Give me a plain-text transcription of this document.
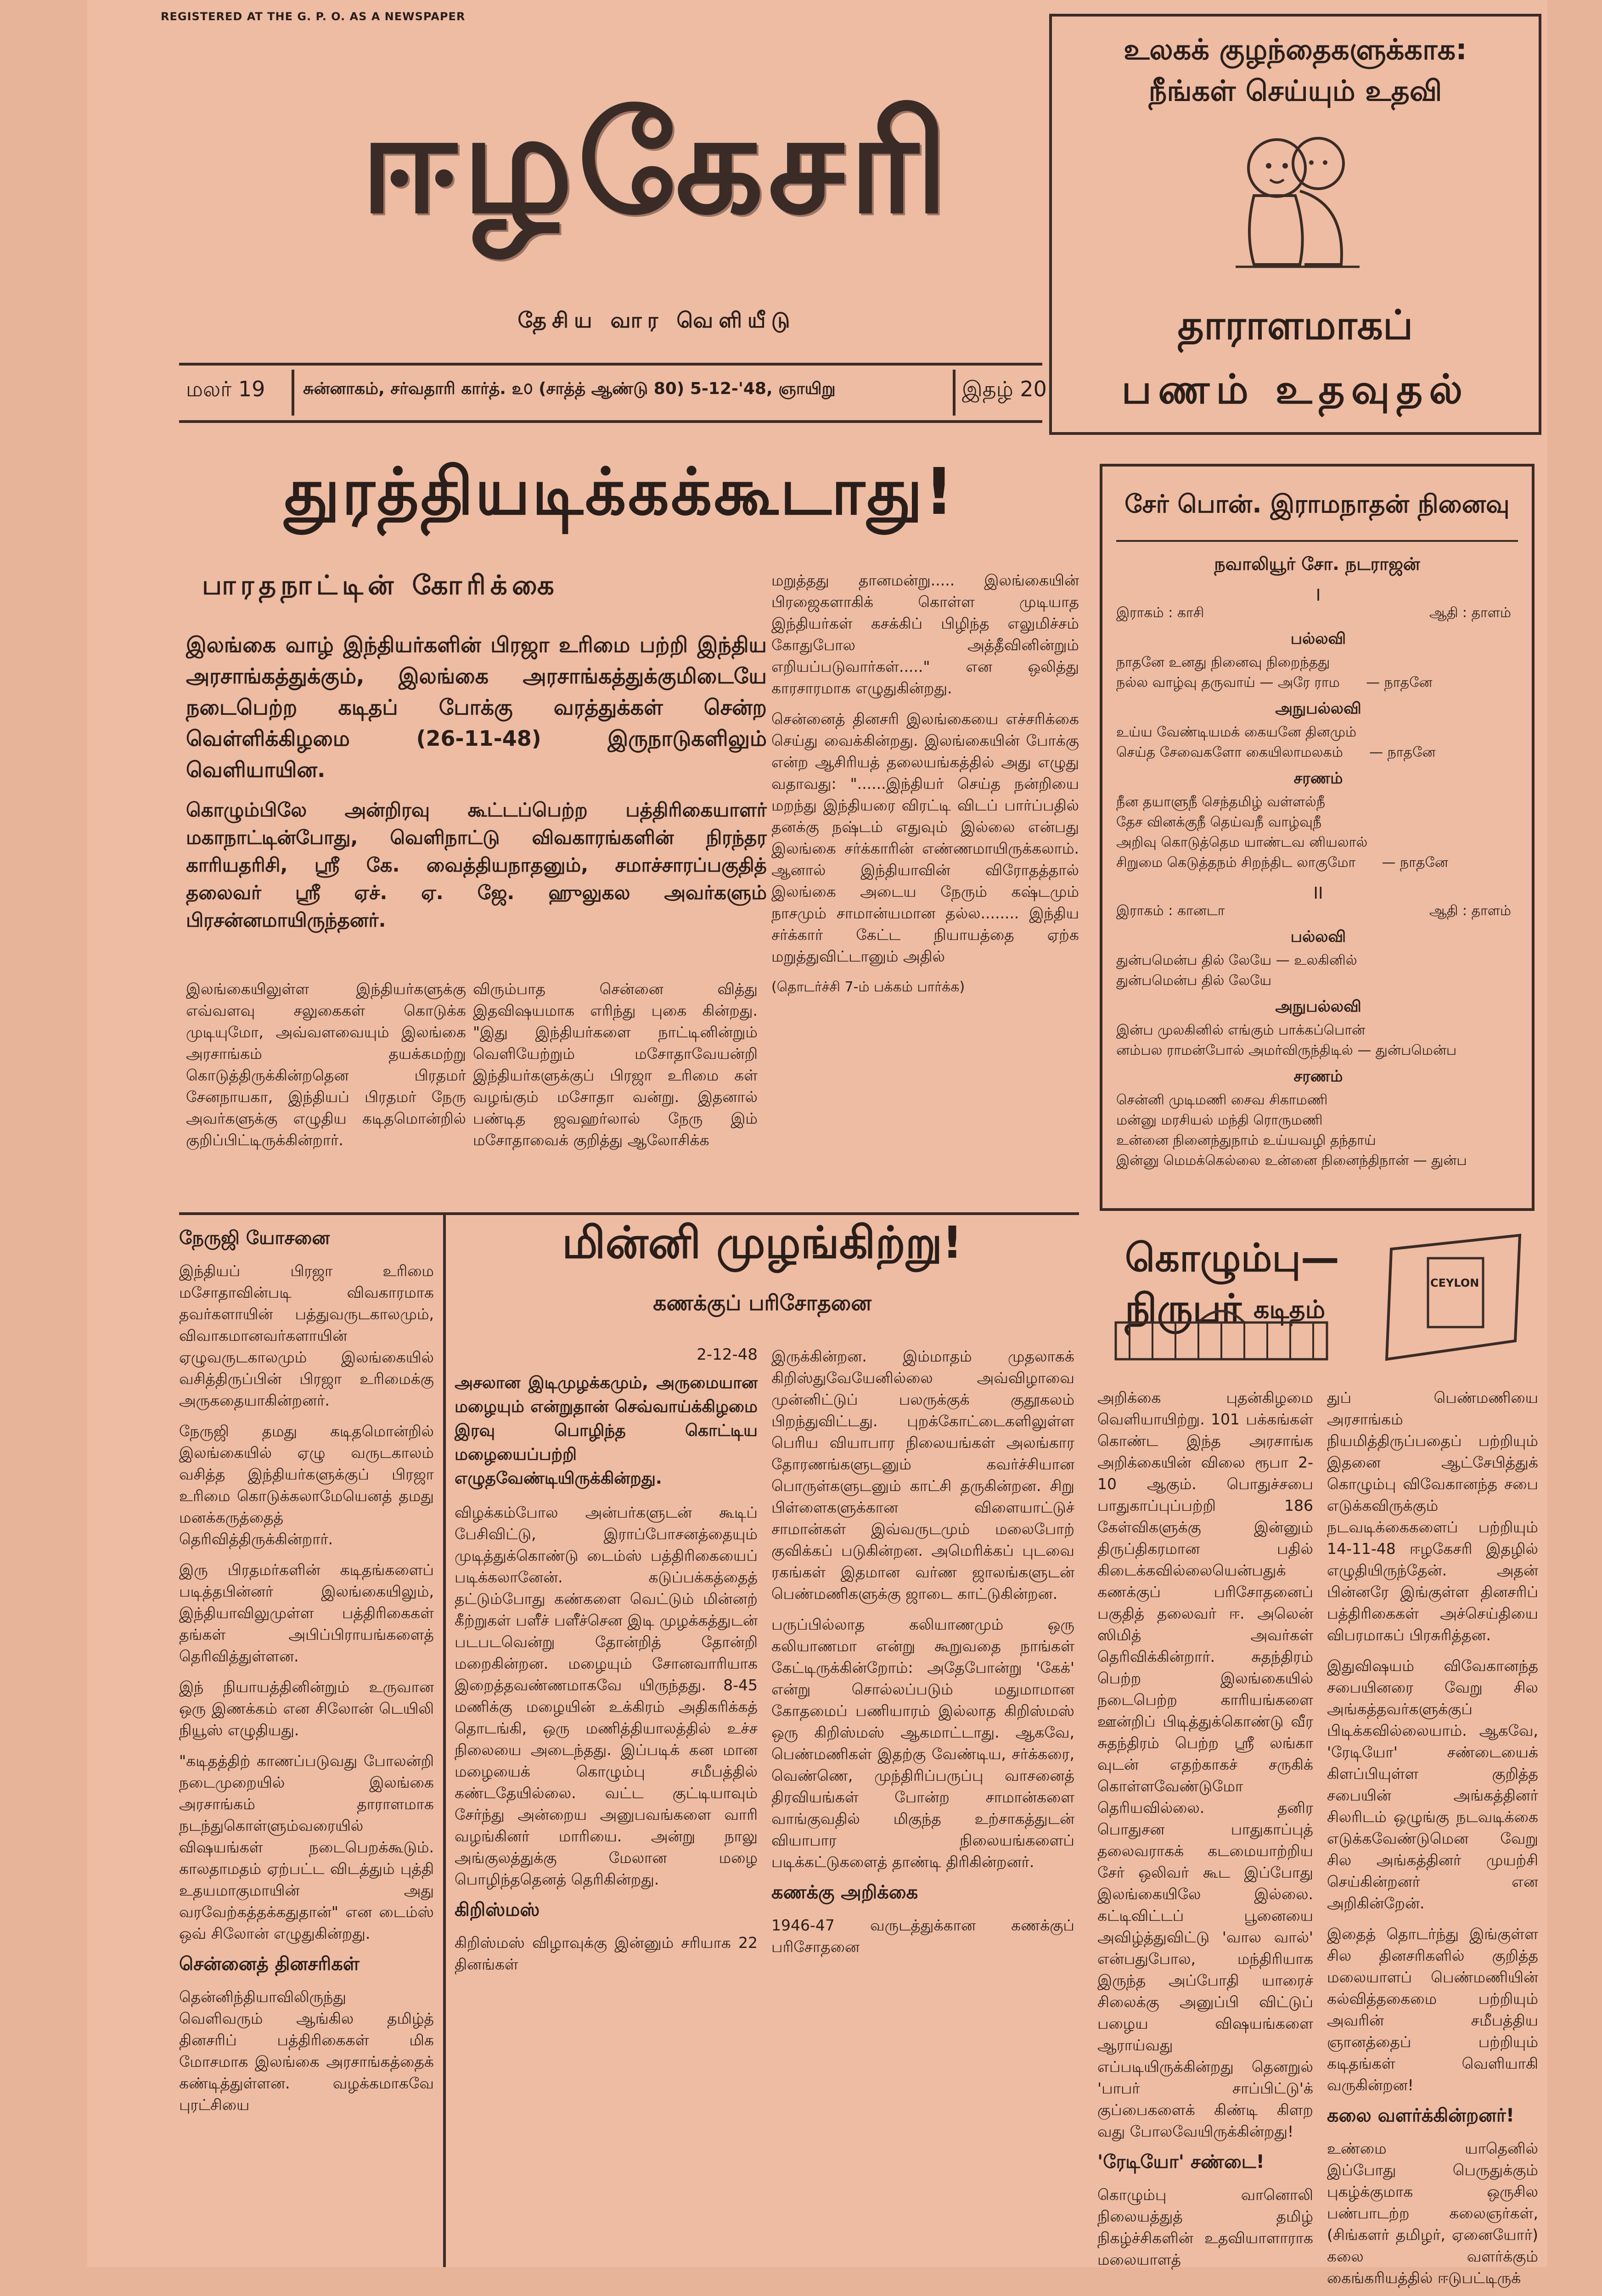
REGISTERED AT THE G. P. O. AS A NEWSPAPER
ஈழகேசரி
தேசிய வார வெளியீடு
உலகக் குழந்தைகளுக்காக:
நீங்கள் செய்யும் உதவி
தாராளமாகப்
பணம் உதவுதல்
மலர் 19	சுன்னாகம், சர்வதாரி கார்த். ௨௦ (சாத்த் ஆண்டு 80) 5-12-'48, ஞாயிறு	இதழ் 20
துரத்தியடிக்கக்கூடாது!
பாரதநாட்டின் கோரிக்கை

இலங்கை வாழ் இந்தியர்களின் பிரஜா உரிமை பற்றி இந்திய அரசாங்கத்துக்கும், இலங்கை அரசாங்கத்துக்குமிடையே நடைபெற்ற கடிதப் போக்கு வரத்துக்கள் சென்ற வெள்ளிக்கிழமை (26-11-48) இருநாடுகளிலும் வெளியாயின.

கொழும்பிலே அன்றிரவு கூட்டப்பெற்ற பத்திரிகையாளர் மகாநாட்டின்போது, வெளிநாட்டு விவகாரங்களின் நிரந்தர காரியதரிசி, ஸ்ரீ கே. வைத்தியநாதனும், சமாச்சாரப்பகுதித் தலைவர் ஸ்ரீ ஏச். ஏ. ஜே. ஹுலுகல அவர்களும் பிரசன்னமாயிருந்தனர்.

இலங்கையிலுள்ள இந்தியர்களுக்கு எவ்வளவு சலுகைகள் கொடுக்க முடியுமோ, அவ்வளவையும் இலங்கை அரசாங்கம் தயக்கமற்று கொடுத்திருக்கின்றதென பிரதமர் சேனநாயகா, இந்தியப் பிரதமர் நேரு அவர்களுக்கு எழுதிய கடிதமொன்றில் குறிப்பிட்டிருக்கின்றார்.

விரும்பாத சென்னை வித்து இதவிஷயமாக எரிந்து புகை கின்றது. "இது இந்தியர்களை நாட்டினின்றும் வெளியேற்றும் மசோதாவேயன்றி இந்தியர்களுக்குப் பிரஜா உரிமை கள் வழங்கும் மசோதா வன்று. இதனால் பண்டித ஜவஹர்லால் நேரு இம் மசோதாவைக் குறித்து ஆலோசிக்க

மறுத்தது தானமன்று..... இலங்கையின் பிரஜைகளாகிக் கொள்ள முடியாத இந்தியர்கள் கசக்கிப் பிழிந்த எலுமிச்சம் கோதுபோல அத்தீவினின்றும் எறியப்படுவார்கள்....." என ஒலித்து காரசாரமாக எழுதுகின்றது.

சென்னைத் தினசரி இலங்கையை எச்சரிக்கை செய்து வைக்கின்றது. இலங்கையின் போக்கு என்ற ஆசிரியத் தலையங்கத்தில் அது எழுது வதாவது: "......இந்தியர் செய்த நன்றியை மறந்து இந்தியரை விரட்டி விடப் பார்ப்பதில் தனக்கு நஷ்டம் எதுவும் இல்லை என்பது இலங்கை சர்க்காரின் எண்ணமாயிருக்கலாம். ஆனால் இந்தியாவின் விரோதத்தால் இலங்கை அடைய நேரும் கஷ்டமும் நாசமும் சாமான்யமான தல்ல........ இந்திய சர்க்கார் கேட்ட நியாயத்தை ஏற்க மறுத்துவிட்டானும் அதில்

(தொடர்ச்சி 7-ம் பக்கம் பார்க்க)

நேருஜி யோசனை

இந்தியப் பிரஜா உரிமை மசோதாவின்படி விவகாரமாக தவர்களாயின் பத்துவருடகாலமும், விவாகமானவர்களாயின் ஏழுவருடகாலமும் இலங்கையில் வசித்திருப்பின் பிரஜா உரிமைக்கு அருகதையாகின்றனர்.

நேருஜி தமது கடிதமொன்றில் இலங்கையில் ஏழு வருடகாலம் வசித்த இந்தியர்களுக்குப் பிரஜா உரிமை கொடுக்கலாமேயெனத் தமது மனக்கருத்தைத் தெரிவித்திருக்கின்றார்.

இரு பிரதமர்களின் கடிதங்களைப் படித்தபின்னர் இலங்கையிலும், இந்தியாவிலுமுள்ள பத்திரிகைகள் தங்கள் அபிப்பிராயங்களைத் தெரிவித்துள்ளன.

இந் நியாயத்தினின்றும் உருவான ஒரு இணக்கம் என சிலோன் டெயிலி நியூஸ் எழுதியது.

"கடிதத்திற் காணப்படுவது போலன்றி நடைமுறையில் இலங்கை அரசாங்கம் தாராளமாக நடந்துகொள்ளும்வரையில் விஷயங்கள் நடைபெறக்கூடும். காலதாமதம் ஏற்பட்ட விடத்தும் புத்தி உதயமாகுமாயின் அது வரவேற்கத்தக்கதுதான்" என டைம்ஸ் ஒவ் சிலோன் எழுதுகின்றது.

சென்னைத் தினசரிகள்

தென்னிந்தியாவிலிருந்து வெளிவரும் ஆங்கில தமிழ்த் தினசரிப் பத்திரிகைகள் மிக மோசமாக இலங்கை அரசாங்கத்தைக் கண்டித்துள்ளன. வழக்கமாகவே புரட்சியை

சேர் பொன். இராமநாதன் நினைவு
நவாலியூர் சோ. நடராஜன்
I
இராகம் : காசி	ஆதி : தாளம்
பல்லவி

நாதனே உனது நினைவு நிறைந்தது
நல்ல வாழ்வு தருவாய் — அரே ராம      — நாதனே

அநுபல்லவி

உய்ய வேண்டியமக் கையனே தினமும்
செய்த சேவைகளோ கையிலாமலகம்      — நாதனே

சரணம்

நீன தயாளுநீ செந்தமிழ் வள்ளல்நீ
தேச வினக்குநீ தெய்வநீ வாழ்வுநீ
அறிவு கொடுத்தெம யாண்டவ னியலால்
சிறுமை கெடுத்தநம் சிறந்திட லாகுமோ      — நாதனே

II
இராகம் : கானடா	ஆதி : தாளம்
பல்லவி

துன்பமென்ப தில் லேயே — உலகினில்
துன்பமென்ப தில் லேயே

அநுபல்லவி

இன்ப முலகினில் எங்கும் பாக்கப்பொன்
னம்பல ராமன்போல் அமர்விருந்திடில் — துன்பமென்ப

சரணம்

சென்னி முடிமணி சைவ சிகாமணி
மன்னு மரசியல் மந்தி ரொருமணி
உன்னை நினைந்துநாம் உய்யவழி தந்தாய்
இன்னு மெமக்கெல்லை உன்னை நினைந்திநான் — துன்ப

மின்னி முழங்கிற்று!
கணக்குப் பரிசோதனை
2-12-48

அசலான இடிமுழக்கமும், அருமையான மழையும் என்றுதான் செவ்வாய்க்கிழமை இரவு பொழிந்த கொட்டிய மழையைப்பற்றி எழுதவேண்டியிருக்கின்றது.

விழக்கம்போல அன்பர்களுடன் கூடிப் பேசிவிட்டு, இராப்போசனத்தையும் முடித்துக்கொண்டு டைம்ஸ் பத்திரிகையைப் படிக்கலானேன். கடுப்பக்கத்தைத் தட்டும்போது கண்களை வெட்டும் மின்னற் கீற்றுகள் பளீச் பளீச்சென இடி முழக்கத்துடன் படபடவென்று தோன்றித் தோன்றி மறைகின்றன. மழையும் சோனவாரியாக இறைத்தவண்ணமாகவே யிருந்தது. 8-45 மணிக்கு மழையின் உக்கிரம் அதிகரிக்கத் தொடங்கி, ஒரு மணித்தியாலத்தில் உச்ச நிலையை அடைந்தது. இப்படிக் கன மான மழையைக் கொழும்பு சமீபத்தில் கண்டதேயில்லை. வட்ட குட்டியாவும் சேர்ந்து அன்றைய அனுபவங்களை வாரி வழங்கினர் மாரியை. அன்று நாலு அங்குலத்துக்கு மேலான மழை பொழிந்ததெனத் தெரிகின்றது.

கிறிஸ்மஸ்

கிறிஸ்மஸ் விழாவுக்கு இன்னும் சரியாக 22 தினங்கள்

இருக்கின்றன. இம்மாதம் முதலாகக் கிறிஸ்துவேயேனில்லை அவ்விழாவை முன்னிட்டுப் பலருக்குக் குதூகலம் பிறந்துவிட்டது. புறக்கோட்டைகளிலுள்ள பெரிய வியாபார நிலையங்கள் அலங்கார தோரணங்களுடனும் கவர்ச்சியான பொருள்களுடனும் காட்சி தருகின்றன. சிறு பிள்ளைகளுக்கான விளையாட்டுச் சாமான்கள் இவ்வருடமும் மலைபோற் குவிக்கப் படுகின்றன. அமெரிக்கப் புடவை ரகங்கள் இதமான வர்ண ஜாலங்களுடன் பெண்மணிகளுக்கு ஜாடை காட்டுகின்றன.

பருப்பில்லாத கலியாணமும் ஒரு கலியாணமா என்று கூறுவதை நாங்கள் கேட்டிருக்கின்றோம்: அதேபோன்று 'கேக்' என்று சொல்லப்படும் மதுமாமான கோதமைப் பணியாரம் இல்லாத கிறிஸ்மஸ் ஒரு கிறிஸ்மஸ் ஆகமாட்டாது. ஆகவே, பெண்மணிகள் இதற்கு வேண்டிய, சர்க்கரை, வெண்ணெ, முந்திரிப்பருப்பு வாசனைத் திரவியங்கள் போன்ற சாமான்களை வாங்குவதில் மிகுந்த உற்சாகத்துடன் வியாபார நிலையங்களைப் படிக்கட்டுகளைத் தாண்டி திரிகின்றனர்.

கணக்கு அறிக்கை

1946-47 வருடத்துக்கான கணக்குப் பரிசோதனை

கொழும்பு—நிருபர் கடிதம்
CEYLON

அறிக்கை புதன்கிழமை வெளியாயிற்று. 101 பக்கங்கள் கொண்ட இந்த அரசாங்க அறிக்கையின் விலை ரூபா 2-10 ஆகும். பொதுச்சபை பாதுகாப்புப்பற்றி 186 கேள்விகளுக்கு இன்னும் திருப்திகரமான பதில் கிடைக்கவில்லையென்பதுக் கணக்குப் பரிசோதனைப் பகுதித் தலைவர் ஈ. அலென் ஸிமித் அவர்கள் தெரிவிக்கின்றார். சுதந்திரம் பெற்ற இலங்கையில் நடைபெற்ற காரியங்களை ஊன்றிப் பிடித்துக்கொண்டு வீர சுதந்திரம் பெற்ற ஸ்ரீ லங்கா வுடன் எதற்காகச் சருகிக் கொள்ளவேண்டுமோ தெரியவில்லை. தனிர பொதுசன பாதுகாப்புத் தலைவராகக் கடமையாற்றிய சேர் ஒலிவர் கூட இப்போது இலங்கையிலே இல்லை. கட்டிவிட்டப் பூனையை அவிழ்த்துவிட்டு 'வால வால்' என்பதுபோல, மந்திரியாக இருந்த அப்போதி யாரைச் சிலைக்கு அனுப்பி விட்டுப் பழைய விஷயங்களை ஆராய்வது எப்படியிருக்கின்றது தெனறுல் 'பாபர் சாப்பிட்டு'க் குப்பைகளைக் கிண்டி கிளற வது போலவேயிருக்கின்றது!

'ரேடியோ' சண்டை!

கொழும்பு வானொலி நிலையத்துத் தமிழ் நிகழ்ச்சிகளின் உதவியாளாராக மலையாளத்

துப் பெண்மணியை அரசாங்கம் நியமித்திருப்பதைப் பற்றியும் இதனை ஆட்சேபித்துக் கொழும்பு விவேகானந்த சபை எடுக்கவிருக்கும் நடவடிக்கைகளைப் பற்றியும் 14-11-48 ஈழகேசரி இதழில் எழுதியிருந்தேன். அதன் பின்னரே இங்குள்ள தினசரிப் பத்திரிகைகள் அச்செய்தியை விபரமாகப் பிரசுரித்தன.

இதுவிஷயம் விவேகானந்த சபையினரை வேறு சில அங்கத்தவர்களுக்குப் பிடிக்கவில்லையாம். ஆகவே, 'ரேடியோ' சண்டையைக் கிளப்பியுள்ள குறித்த சபையின் அங்கத்தினர் சிலரிடம் ஒழுங்கு நடவடிக்கை எடுக்கவேண்டுமென வேறு சில அங்கத்தினர் முயற்சி செய்கின்றனர் என அறிகின்றேன்.

இதைத் தொடர்ந்து இங்குள்ள சில தினசரிகளில் குறித்த மலையாளப் பெண்மணியின் கல்வித்தகைமை பற்றியும் அவரின் சமீபத்திய ஞானத்தைப் பற்றியும் கடிதங்கள் வெளியாகி வருகின்றன!

கலை வளர்க்கின்றனர்!

உண்மை யாதெனில் இப்போது பெருதுக்கும் புகழ்க்குமாக ஒருசில பண்பாடற்ற கலைஞர்கள், (சிங்களர் தமிழர், ஏனையோர்) கலை வளர்க்கும் கைங்கரியத்தில் ஈடுபட்டிருக்
